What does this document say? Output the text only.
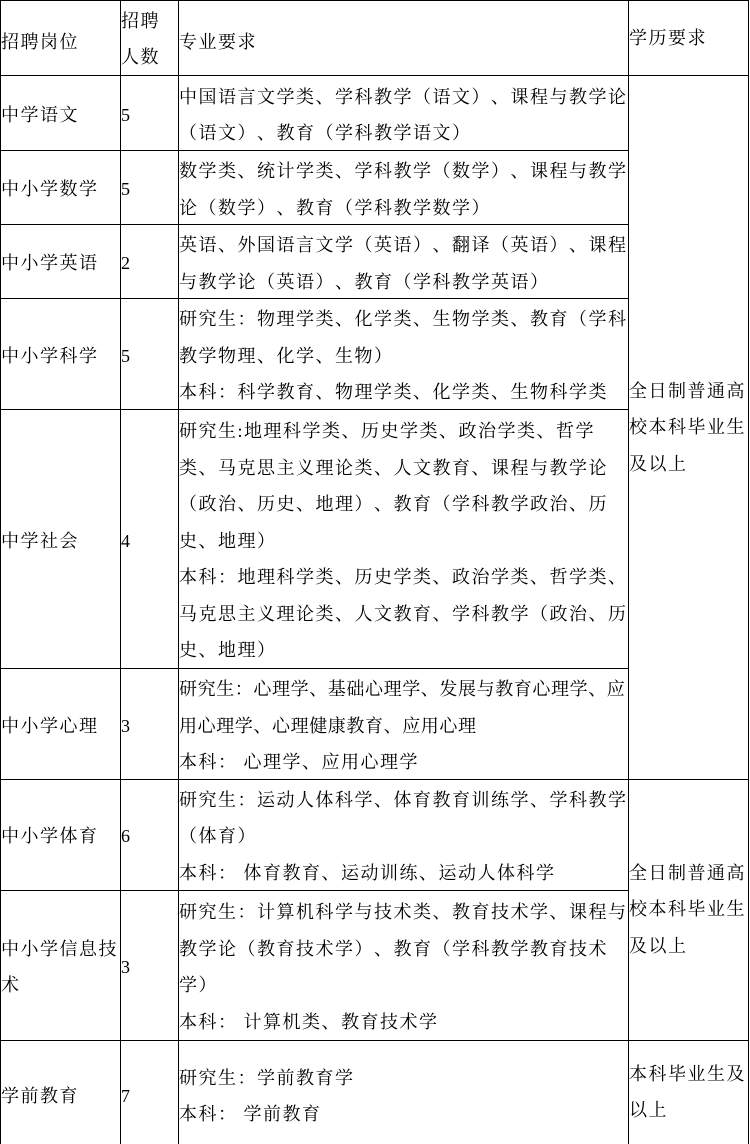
招聘岗位	招聘人数	专业要求	学历要求

中学语文	5	中国语言文学类、学科教学（语文）、课程与教学论（语文）、教育（学科教学语文）	全日制普通高校本科毕业生及以上

中小学数学	5	数学类、统计学类、学科教学（数学）、课程与教学论（数学）、教育（学科教学数学）	

中小学英语	2	英语、外国语言文学（英语）、翻译（英语）、课程与教学论（英语）、教育（学科教学英语）	

中小学科学	5	研究生：物理学类、化学类、生物学类、教育（学科教学物理、化学、生物）
本科：科学教育、物理学类、化学类、生物科学类	

中学社会	4	研究生:地理科学类、历史学类、政治学类、哲学类、马克思主义理论类、人文教育、课程与教学论（政治、历史、地理）、教育（学科教学政治、历史、地理）
本科：地理科学类、历史学类、政治学类、哲学类、马克思主义理论类、人文教育、学科教学（政治、历史、地理）	

中小学心理	3	研究生：心理学、基础心理学、发展与教育心理学、应用心理学、心理健康教育、应用心理
本科： 心理学、应用心理学	

中小学体育	6	研究生：运动人体科学、体育教育训练学、学科教学（体育）
本科： 体育教育、运动训练、运动人体科学	全日制普通高校本科毕业生及以上

中小学信息技术	3	研究生：计算机科学与技术类、教育技术学、课程与教学论（教育技术学）、教育（学科教学教育技术学）
本科： 计算机类、教育技术学	

学前教育	7	研究生：学前教育学
本科： 学前教育	本科毕业生及以上
